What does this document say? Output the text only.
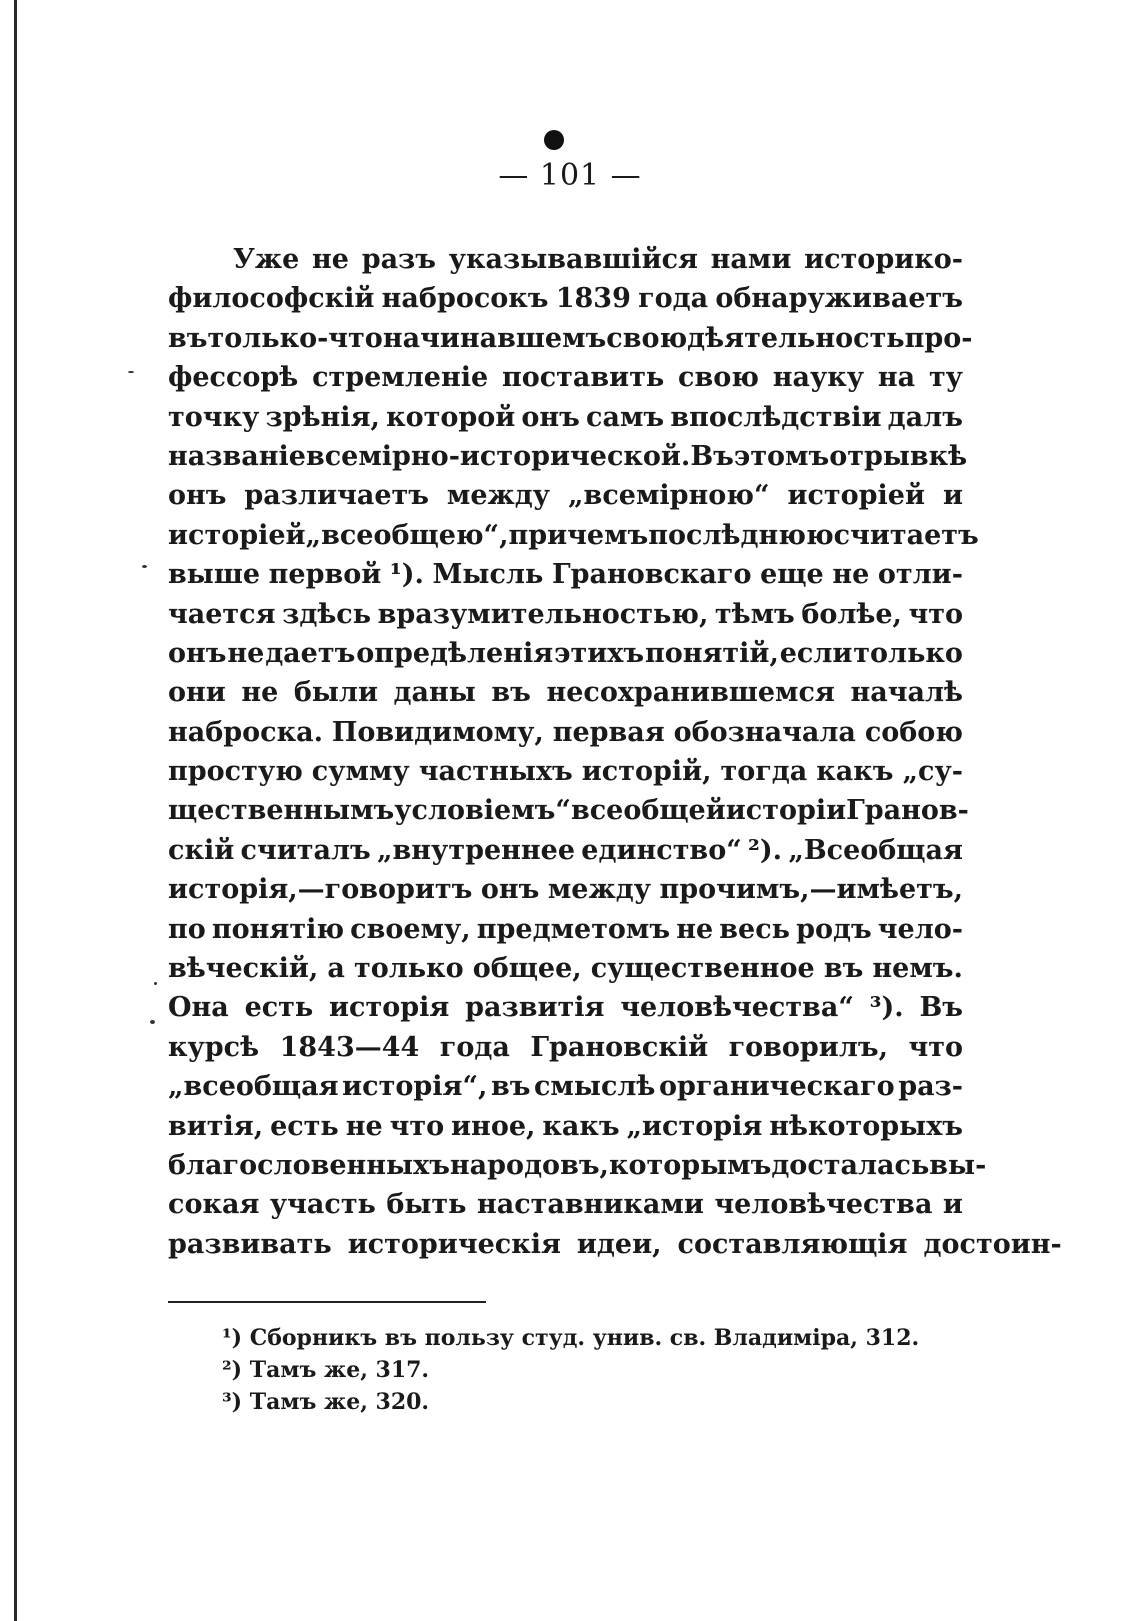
— 101 —
Уже не разъ указывавшійся нами историко-
философскій набросокъ 1839 года обнаруживаетъ
въ только-что начинавшемъ свою дѣятельность про-
фессорѣ стремленіе поставить свою науку на ту
точку зрѣнія, которой онъ самъ впослѣдствіи далъ
названіе всемірно-исторической. Въ этомъ отрывкѣ
онъ различаетъ между „всемірною“ исторіей и
исторіей „всеобщею“, причемъ послѣднюю считаетъ
выше первой ¹). Мысль Грановскаго еще не отли-
чается здѣсь вразумительностью, тѣмъ болѣе, что
онъ не даетъ опредѣленія этихъ понятій, если только
они не были даны въ несохранившемся началѣ
наброска. Повидимому, первая обозначала собою
простую сумму частныхъ исторій, тогда какъ „су-
щественнымъ условіемъ“ всеобщей исторіи Гранов-
скій считалъ „внутреннее единство“ ²). „Всеобщая
исторія,—говоритъ онъ между прочимъ,—имѣетъ,
по понятію своему, предметомъ не весь родъ чело-
вѣческій, а только общее, существенное въ немъ.
Она есть исторія развитія человѣчества“ ³). Въ
курсѣ 1843—44 года Грановскій говорилъ, что
„всеобщая исторія“, въ смыслѣ органическаго раз-
витія, есть не что иное, какъ „исторія нѣкоторыхъ
благословенныхъ народовъ, которымъ досталась вы-
сокая участь быть наставниками человѣчества и
развивать историческія идеи, составляющія достоин-
¹) Сборникъ въ пользу студ. унив. св. Владиміра, 312.
²) Тамъ же, 317.
³) Тамъ же, 320.
